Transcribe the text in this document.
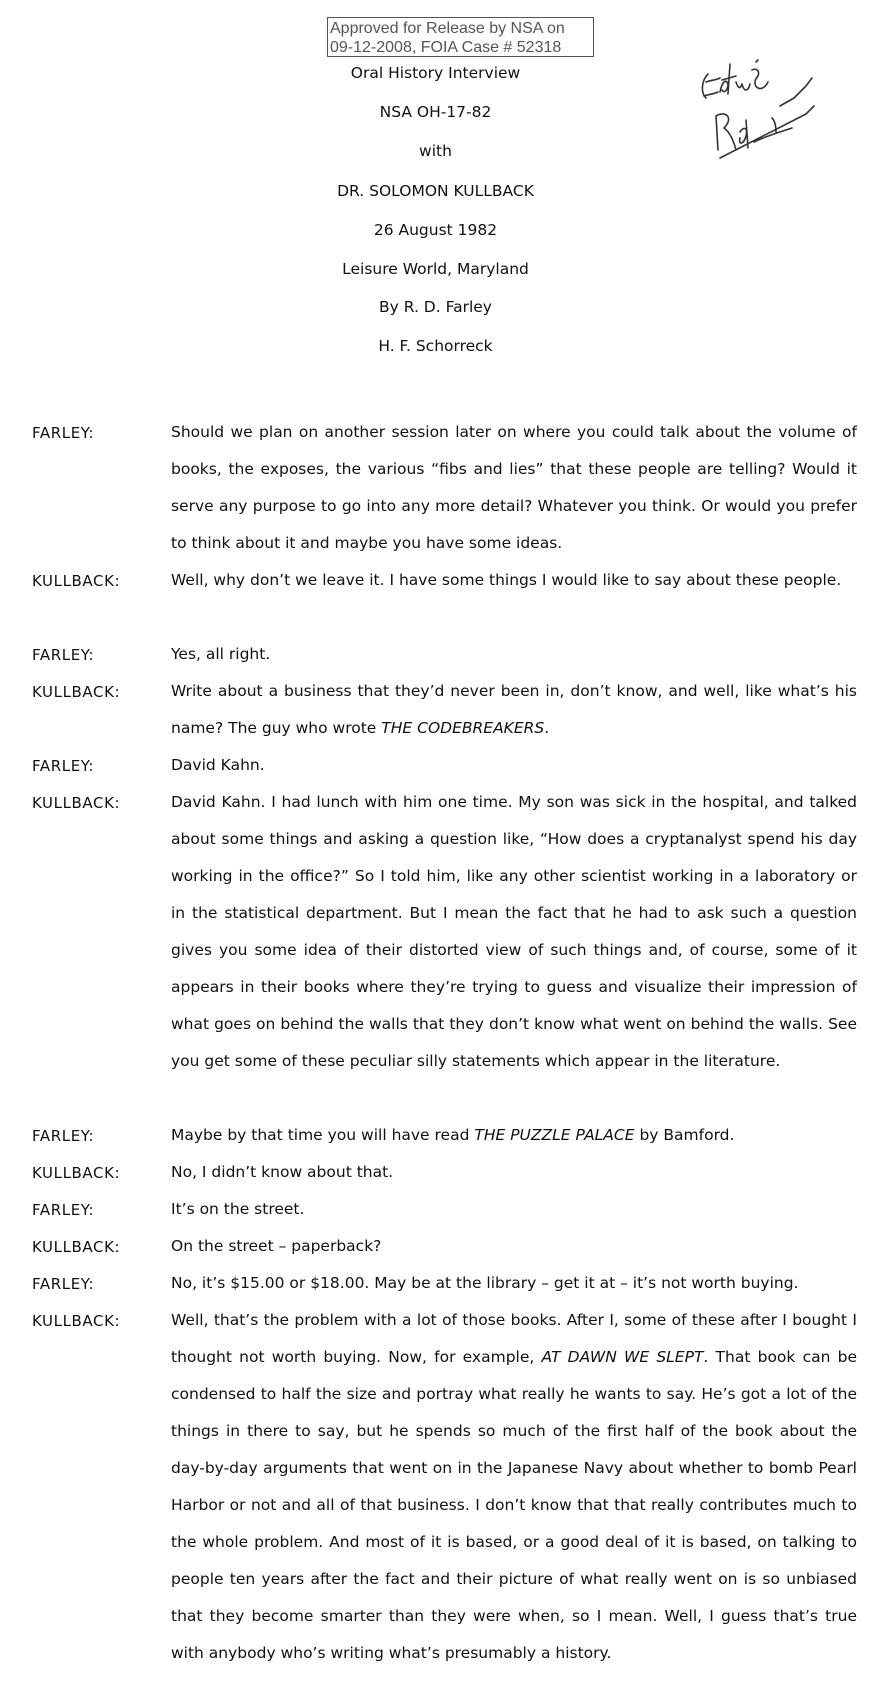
Approved for Release by NSA on
09-12-2008, FOIA Case # 52318
Oral History Interview
NSA OH-17-82
with
DR. SOLOMON KULLBACK
26 August 1982
Leisure World, Maryland
By R. D. Farley
H. F. Schorreck
FARLEY:	Should we plan on another session later on where you could talk about the volume of books, the exposes, the various “fibs and lies” that these people are telling? Would it serve any purpose to go into any more detail? Whatever you think. Or would you prefer to think about it and maybe you have some ideas.
KULLBACK:	Well, why don’t we leave it. I have some things I would like to say about these people.
FARLEY:	Yes, all right.
KULLBACK:	Write about a business that they’d never been in, don’t know, and well, like what’s his name? The guy who wrote THE CODEBREAKERS.
FARLEY:	David Kahn.
KULLBACK:	David Kahn. I had lunch with him one time. My son was sick in the hospital, and talked about some things and asking a question like, “How does a cryptanalyst spend his day working in the office?” So I told him, like any other scientist working in a laboratory or in the statistical department. But I mean the fact that he had to ask such a question gives you some idea of their distorted view of such things and, of course, some of it appears in their books where they’re trying to guess and visualize their impression of what goes on behind the walls that they don’t know what went on behind the walls. See you get some of these peculiar silly statements which appear in the literature.
FARLEY:	Maybe by that time you will have read THE PUZZLE PALACE by Bamford.
KULLBACK:	No, I didn’t know about that.
FARLEY:	It’s on the street.
KULLBACK:	On the street – paperback?
FARLEY:	No, it’s $15.00 or $18.00. May be at the library – get it at – it’s not worth buying.
KULLBACK:	Well, that’s the problem with a lot of those books. After I, some of these after I bought I thought not worth buying. Now, for example, AT DAWN WE SLEPT. That book can be condensed to half the size and portray what really he wants to say. He’s got a lot of the things in there to say, but he spends so much of the first half of the book about the day-by-day arguments that went on in the Japanese Navy about whether to bomb Pearl Harbor or not and all of that business. I don’t know that that really contributes much to the whole problem. And most of it is based, or a good deal of it is based, on talking to people ten years after the fact and their picture of what really went on is so unbiased that they become smarter than they were when, so I mean. Well, I guess that’s true with anybody who’s writing what’s presumably a history.
